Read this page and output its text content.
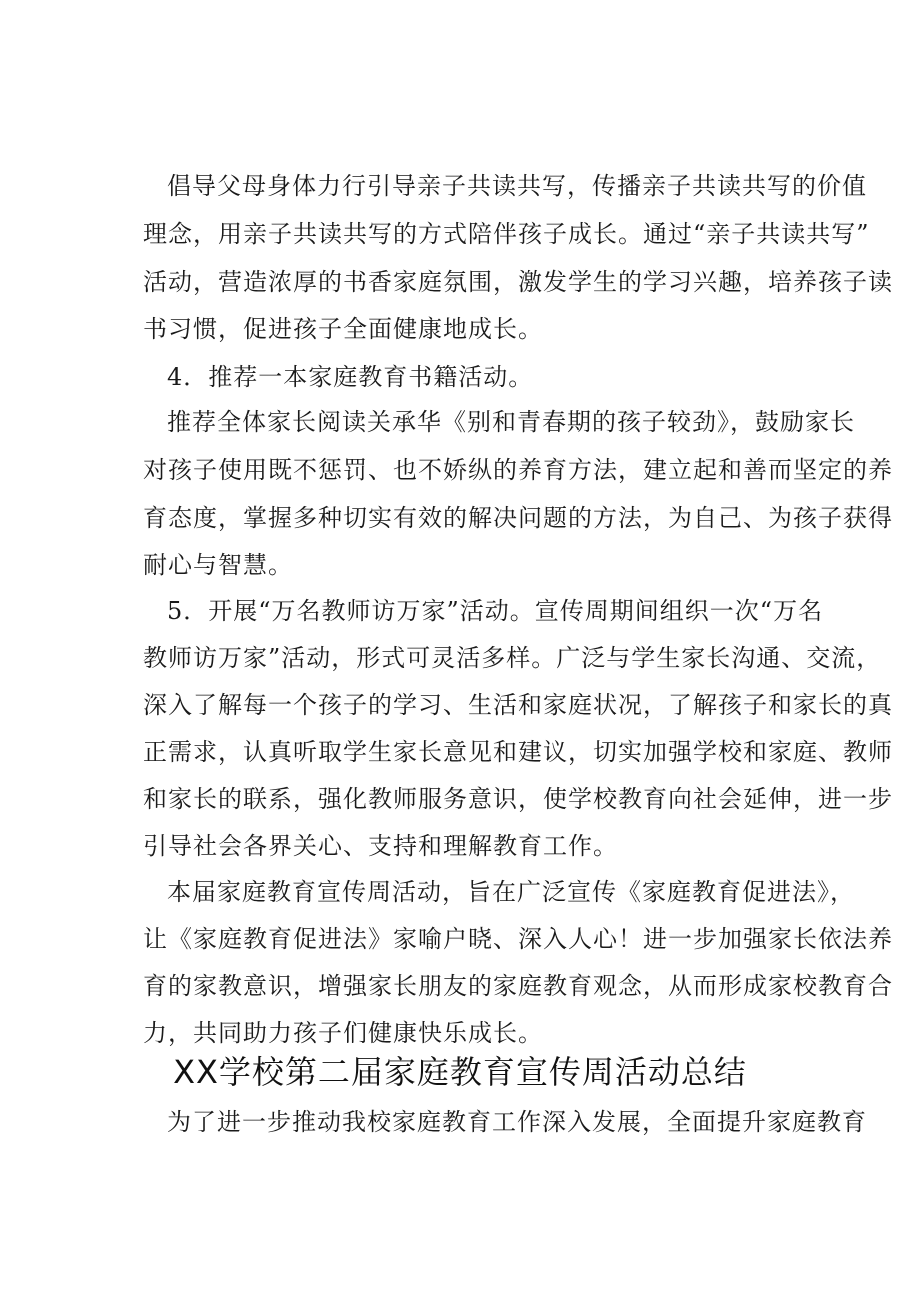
倡导父母身体力行引导亲子共读共写，传播亲子共读共写的价值
理念，用亲子共读共写的方式陪伴孩子成长。通过“亲子共读共写”
活动，营造浓厚的书香家庭氛围，激发学生的学习兴趣，培养孩子读
书习惯，促进孩子全面健康地成长。
4．推荐一本家庭教育书籍活动。
推荐全体家长阅读关承华《别和青春期的孩子较劲》，鼓励家长
对孩子使用既不惩罚、也不娇纵的养育方法，建立起和善而坚定的养
育态度，掌握多种切实有效的解决问题的方法，为自己、为孩子获得
耐心与智慧。
5．开展“万名教师访万家”活动。宣传周期间组织一次“万名
教师访万家”活动，形式可灵活多样。广泛与学生家长沟通、交流，
深入了解每一个孩子的学习、生活和家庭状况，了解孩子和家长的真
正需求，认真听取学生家长意见和建议，切实加强学校和家庭、教师
和家长的联系，强化教师服务意识，使学校教育向社会延伸，进一步
引导社会各界关心、支持和理解教育工作。
本届家庭教育宣传周活动，旨在广泛宣传《家庭教育促进法》，
让《家庭教育促进法》家喻户晓、深入人心！进一步加强家长依法养
育的家教意识，增强家长朋友的家庭教育观念，从而形成家校教育合
力，共同助力孩子们健康快乐成长。
XX学校第二届家庭教育宣传周活动总结
为了进一步推动我校家庭教育工作深入发展，全面提升家庭教育
